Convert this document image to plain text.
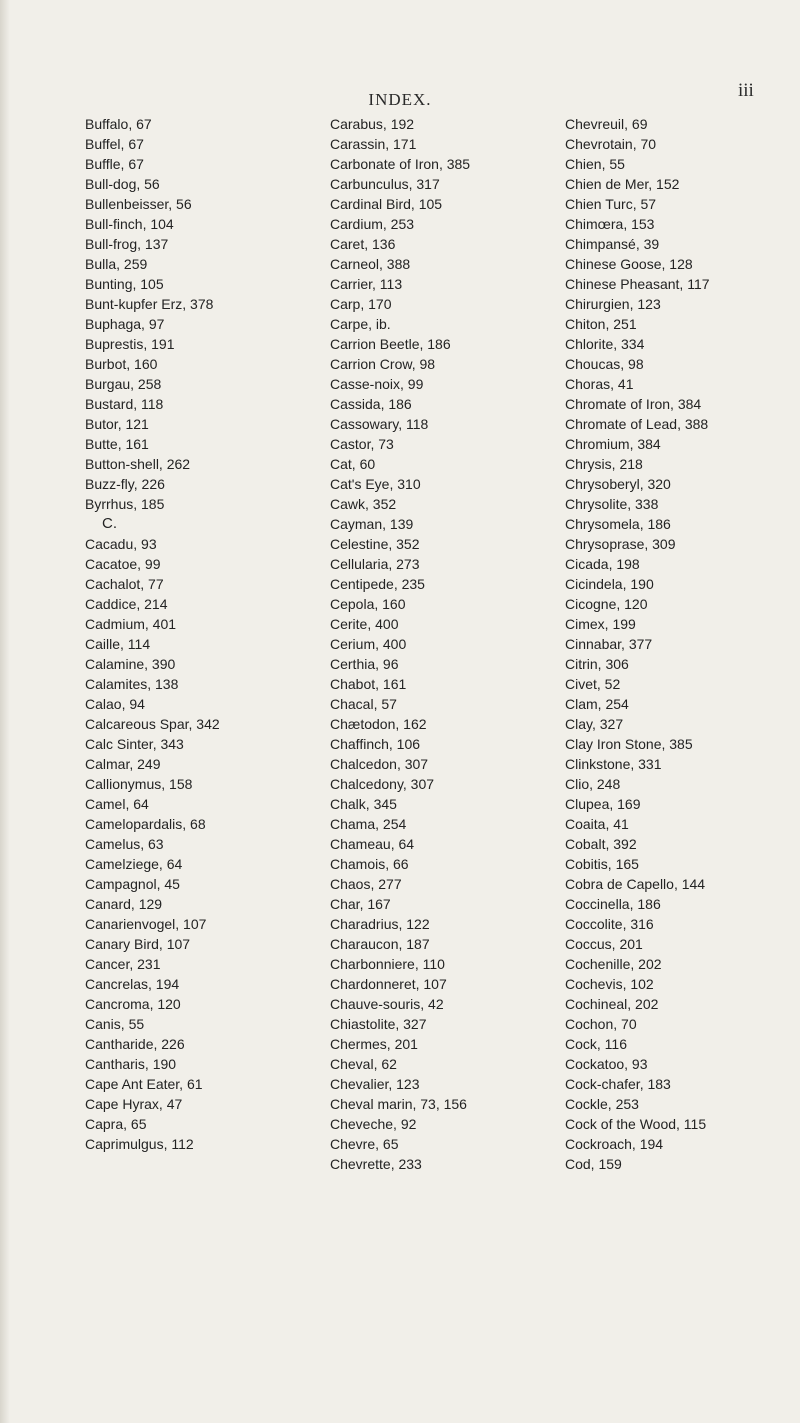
INDEX.	iii
Buffalo, 67
Buffel, 67
Buffle, 67
Bull-dog, 56
Bullenbeisser, 56
Bull-finch, 104
Bull-frog, 137
Bulla, 259
Bunting, 105
Bunt-kupfer Erz, 378
Buphaga, 97
Buprestis, 191
Burbot, 160
Burgau, 258
Bustard, 118
Butor, 121
Butte, 161
Button-shell, 262
Buzz-fly, 226
Byrrhus, 185
C.
Cacadu, 93
Cacatoe, 99
Cachalot, 77
Caddice, 214
Cadmium, 401
Caille, 114
Calamine, 390
Calamites, 138
Calao, 94
Calcareous Spar, 342
Calc Sinter, 343
Calmar, 249
Callionymus, 158
Camel, 64
Camelopardalis, 68
Camelus, 63
Camelziege, 64
Campagnol, 45
Canard, 129
Canarienvogel, 107
Canary Bird, 107
Cancer, 231
Cancrelas, 194
Cancroma, 120
Canis, 55
Cantharide, 226
Cantharis, 190
Cape Ant Eater, 61
Cape Hyrax, 47
Capra, 65
Caprimulgus, 112
Carabus, 192
Carassin, 171
Carbonate of Iron, 385
Carbunculus, 317
Cardinal Bird, 105
Cardium, 253
Caret, 136
Carneol, 388
Carrier, 113
Carp, 170
Carpe, ib.
Carrion Beetle, 186
Carrion Crow, 98
Casse-noix, 99
Cassida, 186
Cassowary, 118
Castor, 73
Cat, 60
Cat's Eye, 310
Cawk, 352
Cayman, 139
Celestine, 352
Cellularia, 273
Centipede, 235
Cepola, 160
Cerite, 400
Cerium, 400
Certhia, 96
Chabot, 161
Chacal, 57
Chætodon, 162
Chaffinch, 106
Chalcedon, 307
Chalcedony, 307
Chalk, 345
Chama, 254
Chameau, 64
Chamois, 66
Chaos, 277
Char, 167
Charadrius, 122
Charaucon, 187
Charbonniere, 110
Chardonneret, 107
Chauve-souris, 42
Chiastolite, 327
Chermes, 201
Cheval, 62
Chevalier, 123
Cheval marin, 73, 156
Cheveche, 92
Chevre, 65
Chevrette, 233
Chevreuil, 69
Chevrotain, 70
Chien, 55
Chien de Mer, 152
Chien Turc, 57
Chimœra, 153
Chimpansé, 39
Chinese Goose, 128
Chinese Pheasant, 117
Chirurgien, 123
Chiton, 251
Chlorite, 334
Choucas, 98
Choras, 41
Chromate of Iron, 384
Chromate of Lead, 388
Chromium, 384
Chrysis, 218
Chrysoberyl, 320
Chrysolite, 338
Chrysomela, 186
Chrysoprase, 309
Cicada, 198
Cicindela, 190
Cicogne, 120
Cimex, 199
Cinnabar, 377
Citrin, 306
Civet, 52
Clam, 254
Clay, 327
Clay Iron Stone, 385
Clinkstone, 331
Clio, 248
Clupea, 169
Coaita, 41
Cobalt, 392
Cobitis, 165
Cobra de Capello, 144
Coccinella, 186
Coccolite, 316
Coccus, 201
Cochenille, 202
Cochevis, 102
Cochineal, 202
Cochon, 70
Cock, 116
Cockatoo, 93
Cock-chafer, 183
Cockle, 253
Cock of the Wood, 115
Cockroach, 194
Cod, 159
